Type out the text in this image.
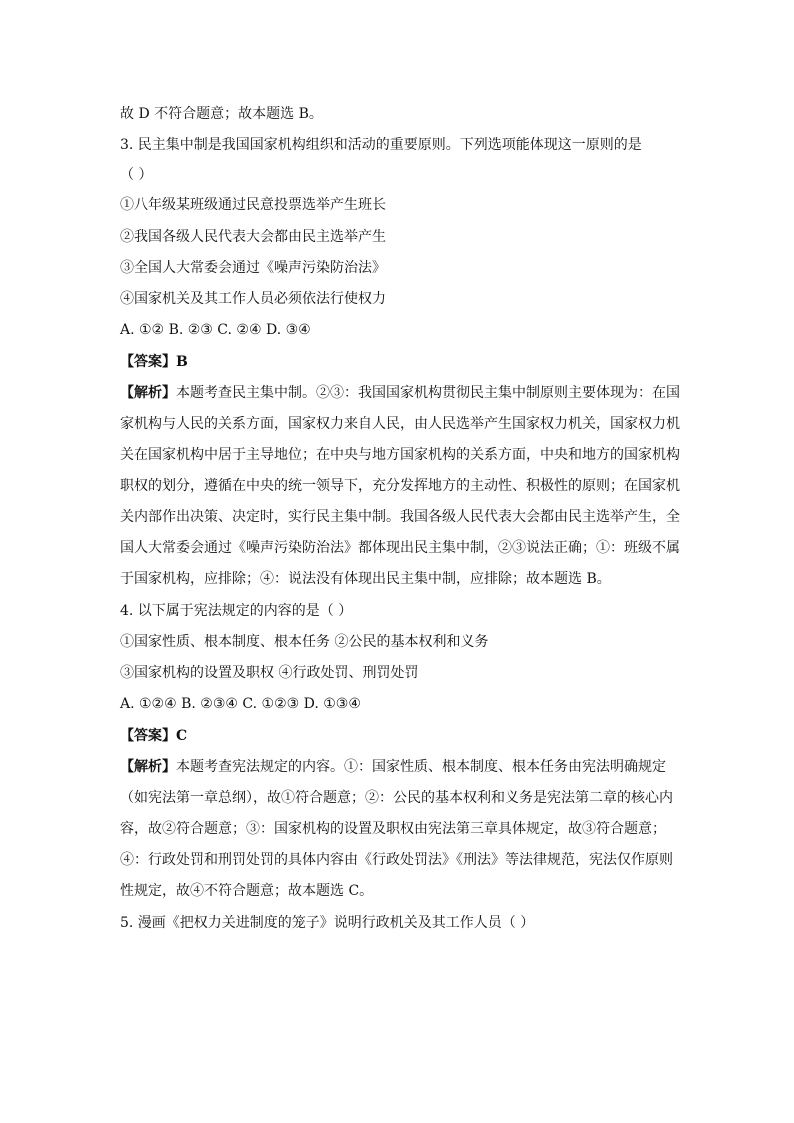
故 D 不符合题意；故本题选 B。
3. 民主集中制是我国国家机构组织和活动的重要原则。下列选项能体现这一原则的是
（ ）
①八年级某班级通过民意投票选举产生班长
②我国各级人民代表大会都由民主选举产生
③全国人大常委会通过《噪声污染防治法》
④国家机关及其工作人员必须依法行使权力
A. ①② B. ②③ C. ②④ D. ③④
【答案】B
【解析】本题考查民主集中制。②③：我国国家机构贯彻民主集中制原则主要体现为：在国
家机构与人民的关系方面，国家权力来自人民，由人民选举产生国家权力机关，国家权力机
关在国家机构中居于主导地位；在中央与地方国家机构的关系方面，中央和地方的国家机构
职权的划分，遵循在中央的统一领导下，充分发挥地方的主动性、积极性的原则；在国家机
关内部作出决策、决定时，实行民主集中制。我国各级人民代表大会都由民主选举产生，全
国人大常委会通过《噪声污染防治法》都体现出民主集中制，②③说法正确；①：班级不属
于国家机构，应排除；④：说法没有体现出民主集中制，应排除；故本题选 B。
4. 以下属于宪法规定的内容的是（ ）
①国家性质、根本制度、根本任务 ②公民的基本权利和义务
③国家机构的设置及职权 ④行政处罚、刑罚处罚
A. ①②④ B. ②③④ C. ①②③ D. ①③④
【答案】C
【解析】本题考查宪法规定的内容。①：国家性质、根本制度、根本任务由宪法明确规定
（如宪法第一章总纲），故①符合题意；②：公民的基本权利和义务是宪法第二章的核心内
容，故②符合题意；③：国家机构的设置及职权由宪法第三章具体规定，故③符合题意；
④：行政处罚和刑罚处罚的具体内容由《行政处罚法》《刑法》等法律规范，宪法仅作原则
性规定，故④不符合题意；故本题选 C。
5. 漫画《把权力关进制度的笼子》说明行政机关及其工作人员（ ）
